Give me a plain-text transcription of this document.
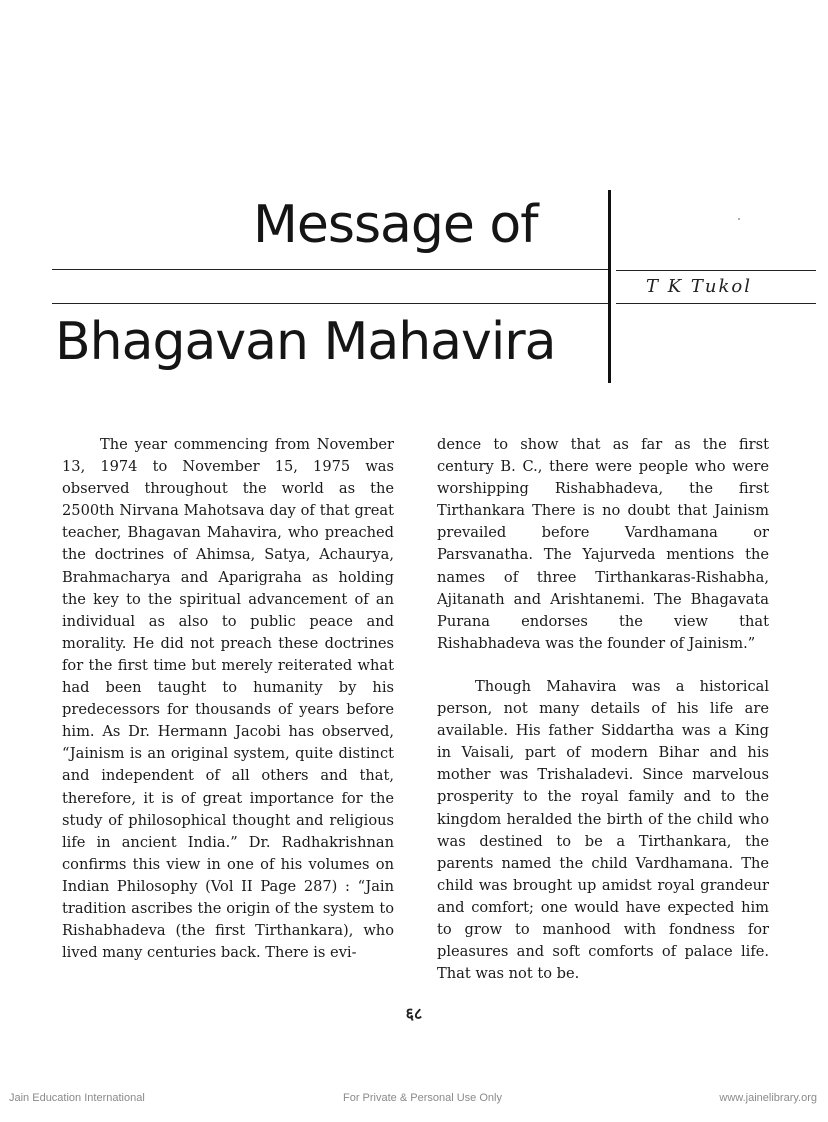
Message of
Bhagavan Mahavira
T K Tukol

The year commencing from November 13, 1974 to November 15, 1975 was observed throughout the world as the 2500th Nirvana Mahotsava day of that great teacher, Bhagavan Mahavira, who preached the doctrines of Ahimsa, Satya, Achaurya, Brahmacharya and Aparigraha as holding the key to the spiritual advancement of an individual as also to public peace and morality. He did not preach these doctrines for the first time but merely reiterated what had been taught to humanity by his predecessors for thousands of years before him. As Dr. Hermann Jacobi has observed, “Jainism is an original system, quite distinct and independent of all others and that, therefore, it is of great importance for the study of philosophical thought and religious life in ancient India.” Dr. Radhakrishnan confirms this view in one of his volumes on Indian Philosophy (Vol II Page 287) : “Jain tradition ascribes the origin of the system to Rishabhadeva (the first Tirthankara), who lived many centuries back. There is evi-

dence to show that as far as the first century B. C., there were people who were worshipping Rishabhadeva, the first Tirthankara There is no doubt that Jainism prevailed before Vardhamana or Parsvanatha. The Yajurveda mentions the names of three Tirthankaras-Rishabha, Ajitanath and Arishtanemi. The Bhagavata Purana endorses the view that Rishabhadeva was the founder of Jainism.”

Though Mahavira was a historical person, not many details of his life are available. His father Siddartha was a King in Vaisali, part of modern Bihar and his mother was Trishaladevi. Since marvelous prosperity to the royal family and to the kingdom heralded the birth of the child who was destined to be a Tirthankara, the parents named the child Vardhamana. The child was brought up amidst royal grandeur and comfort; one would have expected him to grow to manhood with fondness for pleasures and soft comforts of palace life. That was not to be.

६८
Jain Education International	For Private & Personal Use Only	www.jainelibrary.org
